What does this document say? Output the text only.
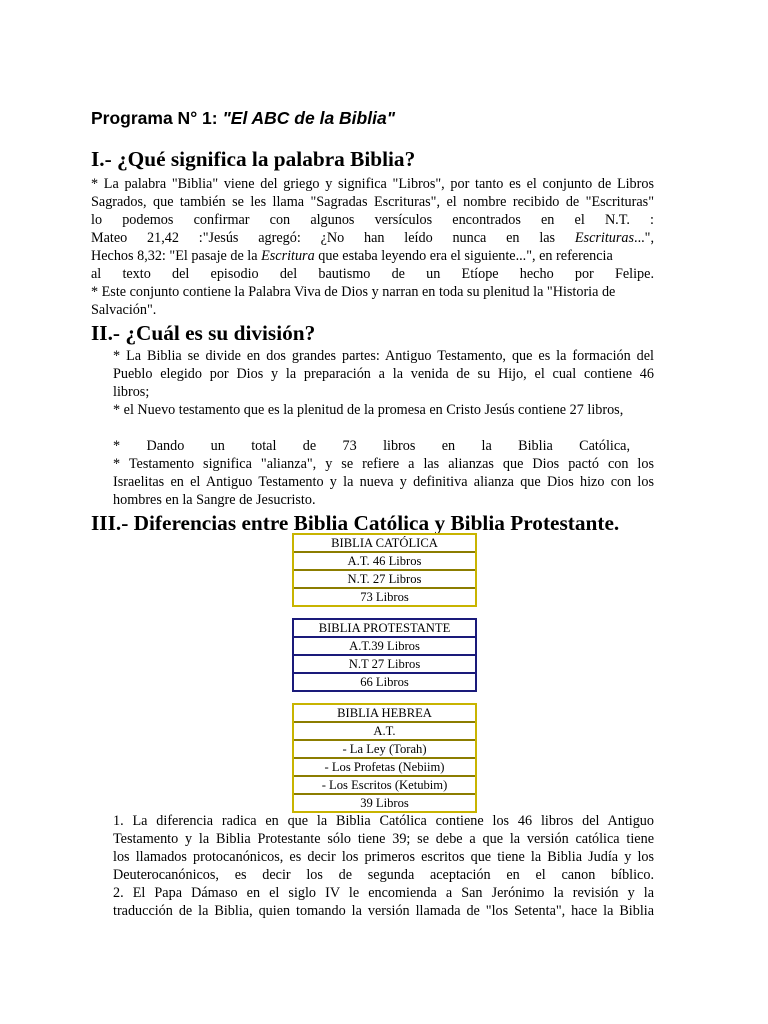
Programa N° 1: "El ABC de la Biblia"
I.- ¿Qué significa la palabra Biblia?

* La palabra "Biblia" viene del griego y significa "Libros", por tanto es el conjunto de Libros

Sagrados, que también se les llama "Sagradas Escrituras", el nombre recibido de "Escrituras"

lo podemos confirmar con algunos versículos encontrados en el N.T. :

Mateo 21,42 :"Jesús agregó: ¿No han leído nunca en las Escrituras...",

Hechos 8,32: "El pasaje de la Escritura que estaba leyendo era el siguiente...", en referencia

al texto del episodio del bautismo de un Etíope hecho por Felipe.

* Este conjunto contiene la Palabra Viva de Dios y narran en toda su plenitud la "Historia de

Salvación".

II.- ¿Cuál es su división?

* La Biblia se divide en dos grandes partes: Antiguo Testamento, que es la formación del

Pueblo elegido por Dios y la preparación a la venida de su Hijo, el cual contiene 46

libros;

* el Nuevo testamento que es la plenitud de la promesa en Cristo Jesús contiene 27 libros,

* Dando un total de 73 libros en la Biblia Católica,

* Testamento significa "alianza", y se refiere a las alianzas que Dios pactó con los

Israelitas en el Antiguo Testamento y la nueva y definitiva alianza que Dios hizo con los

hombres en la Sangre de Jesucristo.

III.- Diferencias entre Biblia Católica y Biblia Protestante.
BIBLIA CATÓLICA
A.T. 46 Libros
N.T. 27 Libros
73 Libros
BIBLIA PROTESTANTE
A.T.39 Libros
N.T 27 Libros
66 Libros
BIBLIA HEBREA
A.T.
- La Ley (Torah)
- Los Profetas (Nebiim)
- Los Escritos (Ketubim)
39 Libros

1. La diferencia radica en que la Biblia Católica contiene los 46 libros del Antiguo

Testamento y la Biblia Protestante sólo tiene 39; se debe a que la versión católica tiene

los llamados protocanónicos, es decir los primeros escritos que tiene la Biblia Judía y los

Deuterocanónicos, es decir los de segunda aceptación en el canon bíblico.

2. El Papa Dámaso en el siglo IV le encomienda a San Jerónimo la revisión y la

traducción de la Biblia, quien tomando la versión llamada de "los Setenta", hace la Biblia
